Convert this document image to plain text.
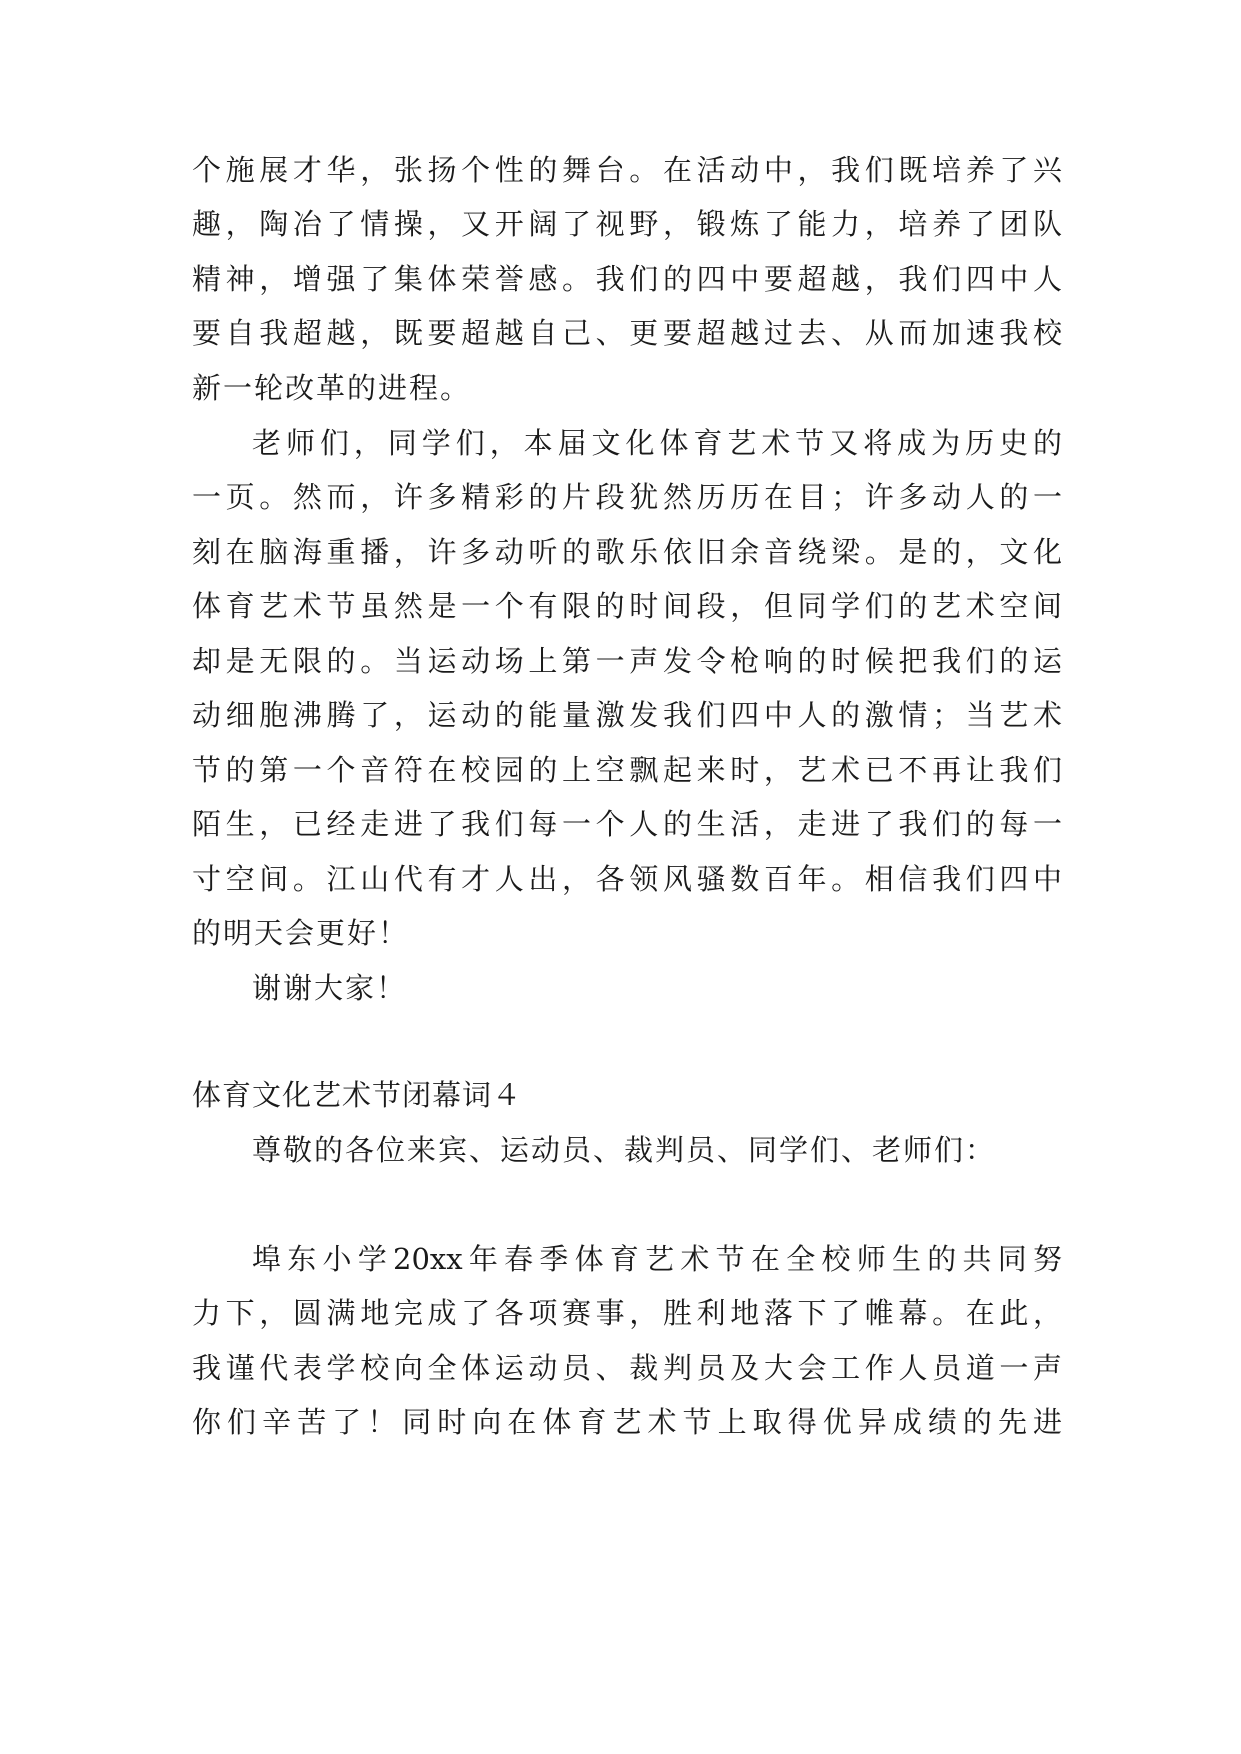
个施展才华，张扬个性的舞台。在活动中，我们既培养了兴
趣，陶冶了情操，又开阔了视野，锻炼了能力，培养了团队
精神，增强了集体荣誉感。我们的四中要超越，我们四中人
要自我超越，既要超越自己、更要超越过去、从而加速我校
新一轮改革的进程。
老师们，同学们，本届文化体育艺术节又将成为历史的
一页。然而，许多精彩的片段犹然历历在目；许多动人的一
刻在脑海重播，许多动听的歌乐依旧余音绕梁。是的，文化
体育艺术节虽然是一个有限的时间段，但同学们的艺术空间
却是无限的。当运动场上第一声发令枪响的时候把我们的运
动细胞沸腾了，运动的能量激发我们四中人的激情；当艺术
节的第一个音符在校园的上空飘起来时，艺术已不再让我们
陌生，已经走进了我们每一个人的生活，走进了我们的每一
寸空间。江山代有才人出，各领风骚数百年。相信我们四中
的明天会更好！
谢谢大家！
体育文化艺术节闭幕词４
尊敬的各位来宾、运动员、裁判员、同学们、老师们：
埠东小学20xx年春季体育艺术节在全校师生的共同努
力下，圆满地完成了各项赛事，胜利地落下了帷幕。在此，
我谨代表学校向全体运动员、裁判员及大会工作人员道一声
你们辛苦了！同时向在体育艺术节上取得优异成绩的先进
